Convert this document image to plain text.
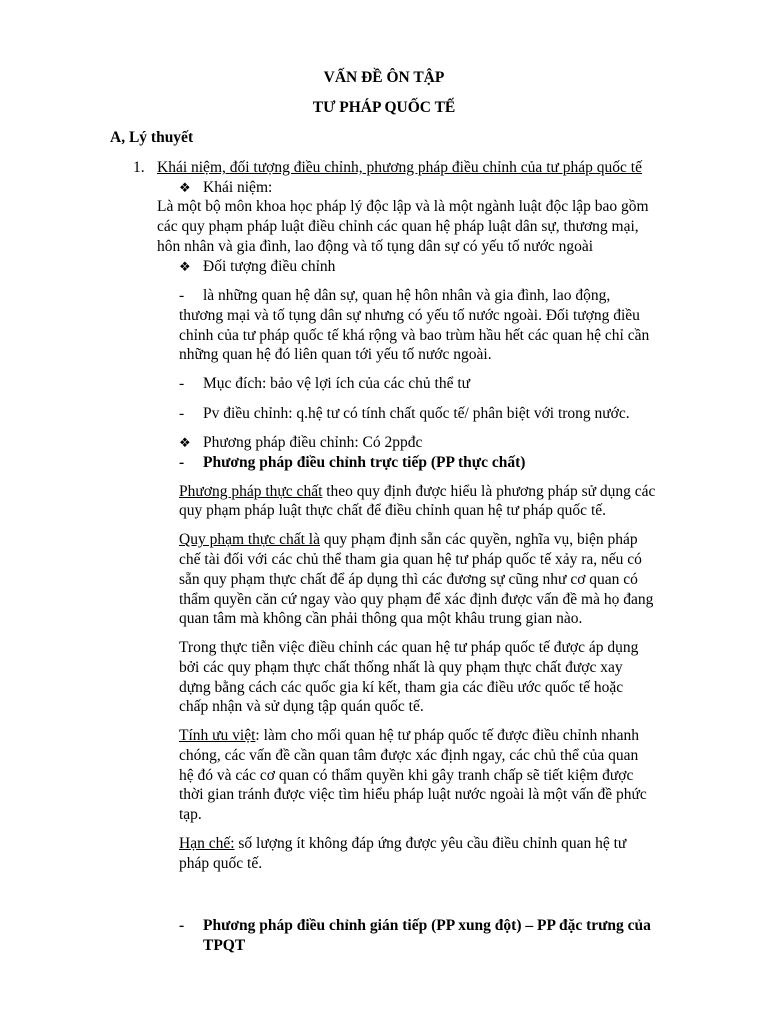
VẤN ĐỀ ÔN TẬP
TƯ PHÁP QUỐC TẾ
A, Lý thuyết
1. Khái niệm, đối tượng điều chỉnh, phương pháp điều chỉnh của tư pháp quốc tế
❖ Khái niệm:
Là một bộ môn khoa học pháp lý độc lập và là một ngành luật độc lập bao gồm
các quy phạm pháp luật điều chỉnh các quan hệ pháp luật dân sự, thương mại,
hôn nhân và gia đình, lao động và tố tụng dân sự có yếu tố nước ngoài
❖ Đối tượng điều chỉnh
- là những quan hệ dân sự, quan hệ hôn nhân và gia đình, lao động,
thương mại và tố tụng dân sự nhưng có yếu tố nước ngoài. Đối tượng điều
chỉnh của tư pháp quốc tế khá rộng và bao trùm hầu hết các quan hệ chỉ cần
những quan hệ đó liên quan tới yếu tố nước ngoài.
- Mục đích: bảo vệ lợi ích của các chủ thể tư
- Pv điều chỉnh: q.hệ tư có tính chất quốc tế/ phân biệt với trong nước.
❖ Phương pháp điều chỉnh: Có 2ppđc
- Phương pháp điều chỉnh trực tiếp (PP thực chất)
Phương pháp thực chất theo quy định được hiểu là phương pháp sử dụng các
quy phạm pháp luật thực chất để điều chỉnh quan hệ tư pháp quốc tế.
Quy phạm thực chất là quy phạm định sẵn các quyền, nghĩa vụ, biện pháp
chế tài đối với các chủ thể tham gia quan hệ tư pháp quốc tế xảy ra, nếu có
sẵn quy phạm thực chất để áp dụng thì các đương sự cũng như cơ quan có
thẩm quyền căn cứ ngay vào quy phạm để xác định được vấn đề mà họ đang
quan tâm mà không cần phải thông qua một khâu trung gian nào.
Trong thực tiễn việc điều chỉnh các quan hệ tư pháp quốc tế được áp dụng
bởi các quy phạm thực chất thống nhất là quy phạm thực chất được xay
dựng bằng cách các quốc gia kí kết, tham gia các điều ước quốc tế hoặc
chấp nhận và sử dụng tập quán quốc tế.
Tính ưu việt: làm cho mối quan hệ tư pháp quốc tế được điều chỉnh nhanh
chóng, các vấn đề cần quan tâm được xác định ngay, các chủ thể của quan
hệ đó và các cơ quan có thẩm quyền khi gây tranh chấp sẽ tiết kiệm được
thời gian tránh được việc tìm hiểu pháp luật nước ngoài là một vấn đề phức
tạp.
Hạn chế: số lượng ít không đáp ứng được yêu cầu điều chỉnh quan hệ tư
pháp quốc tế.
- Phương pháp điều chỉnh gián tiếp (PP xung đột) – PP đặc trưng của
TPQT
